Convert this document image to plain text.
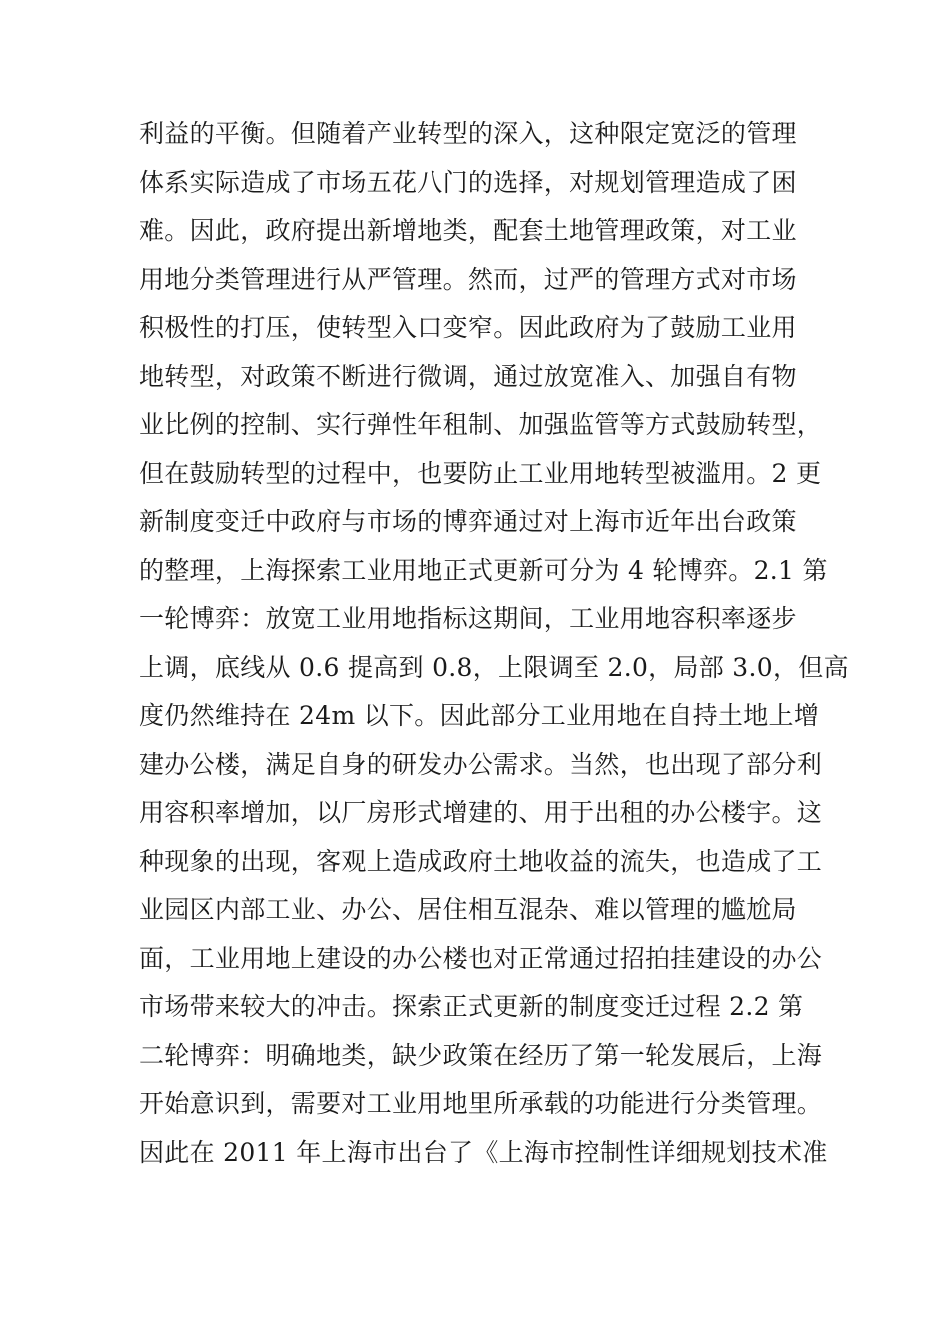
利益的平衡。但随着产业转型的深入，这种限定宽泛的管理
体系实际造成了市场五花八门的选择，对规划管理造成了困
难。因此，政府提出新增地类，配套土地管理政策，对工业
用地分类管理进行从严管理。然而，过严的管理方式对市场
积极性的打压，使转型入口变窄。因此政府为了鼓励工业用
地转型，对政策不断进行微调，通过放宽准入、加强自有物
业比例的控制、实行弹性年租制、加强监管等方式鼓励转型，
但在鼓励转型的过程中，也要防止工业用地转型被滥用。2 更
新制度变迁中政府与市场的博弈通过对上海市近年出台政策
的整理，上海探索工业用地正式更新可分为 4 轮博弈。2.1 第
一轮博弈：放宽工业用地指标这期间，工业用地容积率逐步
上调，底线从 0.6 提高到 0.8，上限调至 2.0，局部 3.0，但高
度仍然维持在 24m 以下。因此部分工业用地在自持土地上增
建办公楼，满足自身的研发办公需求。当然，也出现了部分利
用容积率增加，以厂房形式增建的、用于出租的办公楼宇。这
种现象的出现，客观上造成政府土地收益的流失，也造成了工
业园区内部工业、办公、居住相互混杂、难以管理的尴尬局
面，工业用地上建设的办公楼也对正常通过招拍挂建设的办公
市场带来较大的冲击。探索正式更新的制度变迁过程 2.2 第
二轮博弈：明确地类，缺少政策在经历了第一轮发展后，上海
开始意识到，需要对工业用地里所承载的功能进行分类管理。
因此在 2011 年上海市出台了《上海市控制性详细规划技术准
